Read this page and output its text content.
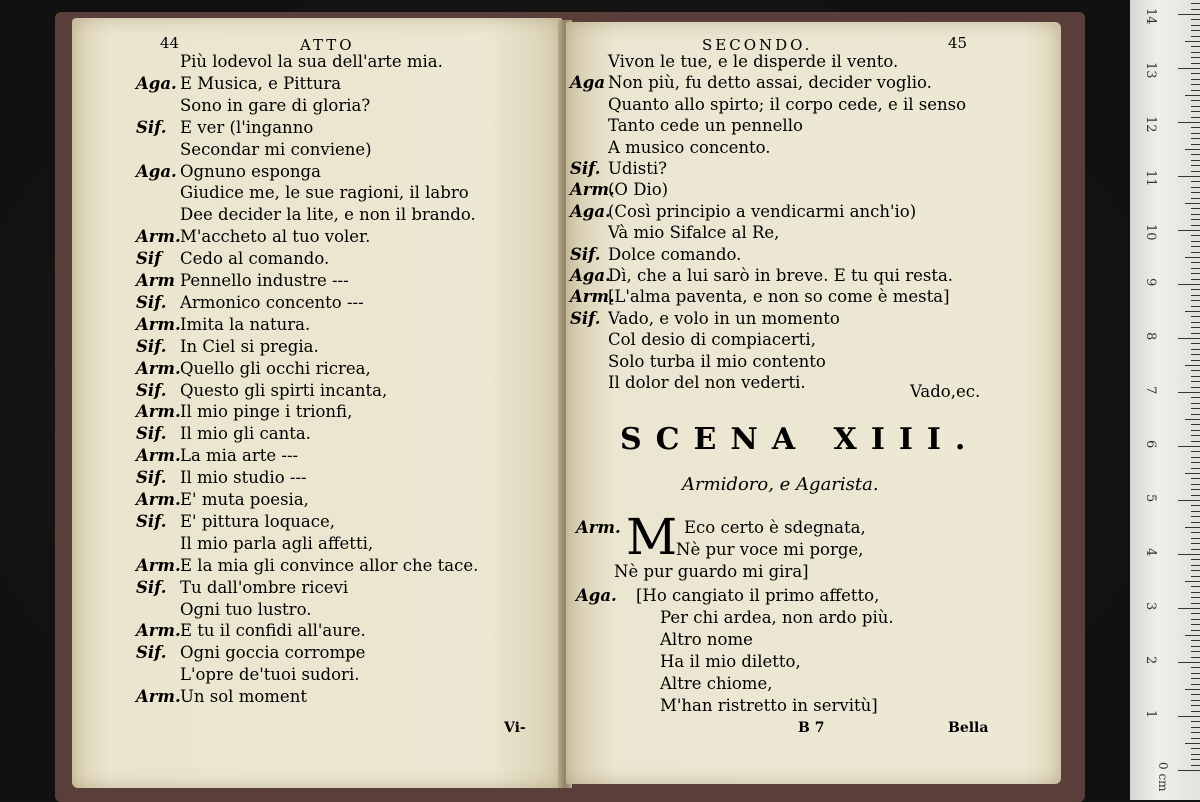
44	ATTO	SECONDO.	45
Più lodevol la sua dell'arte mia.
Aga. E Musica, e Pittura
Sono in gare di gloria?
Sif. E ver (l'inganno
Secondar mi conviene)
Aga. Ognuno esponga
Giudice me, le sue ragioni, il labro
Dee decider la lite, e non il brando.
Arm. M'accheto al tuo voler.
Sif Cedo al comando.
Arm Pennello industre ---
Sif. Armonico concento ---
Arm. Imita la natura.
Sif. In Ciel si pregia.
Arm. Quello gli occhi ricrea,
Sif. Questo gli spirti incanta,
Arm. Il mio pinge i trionfi,
Sif. Il mio gli canta.
Arm. La mia arte ---
Sif. Il mio studio ---
Arm. E' muta poesia,
Sif. E' pittura loquace,
Il mio parla agli affetti,
Arm. E la mia gli convince allor che tace.
Sif. Tu dall'ombre ricevi
Ogni tuo lustro.
Arm. E tu il confidi all'aure.
Sif. Ogni goccia corrompe
L'opre de'tuoi sudori.
Arm. Un sol moment
Vivon le tue, e le disperde il vento.
Aga Non più, fu detto assai, decider voglio.
Quanto allo spirto; il corpo cede, e il senso
Tanto cede un pennello
A musico concento.
Sif. Udisti?
Arm.
(O Dio)
Aga.
(Così principio a vendicarmi anch'io)
Và mio Sifalce al Re,
Sif. Dolce comando.
Aga.
Dì, che a lui sarò in breve. E tu qui resta.
Arm.
[L'alma paventa, e non so come è mesta]
Sif. Vado, e volo in un momento
Col desio di compiacerti,
Solo turba il mio contento
Il dolor del non vederti.	Vado,ec.
SCENA XIII.
Armidoro, e Agarista.
M
Arm.	Eco certo è sdegnata,
Nè pur voce mi porge,
Nè pur guardo mi gira]
Aga. [Ho cangiato il primo affetto,
Per chi ardea, non ardo più.
Altro nome
Ha il mio diletto,
Altre chiome,
M'han ristretto in servitù]
Vi-	B 7	Bella
1
2
3
4
5
6
7
8
9
10
11
12
13
14
0 cm
